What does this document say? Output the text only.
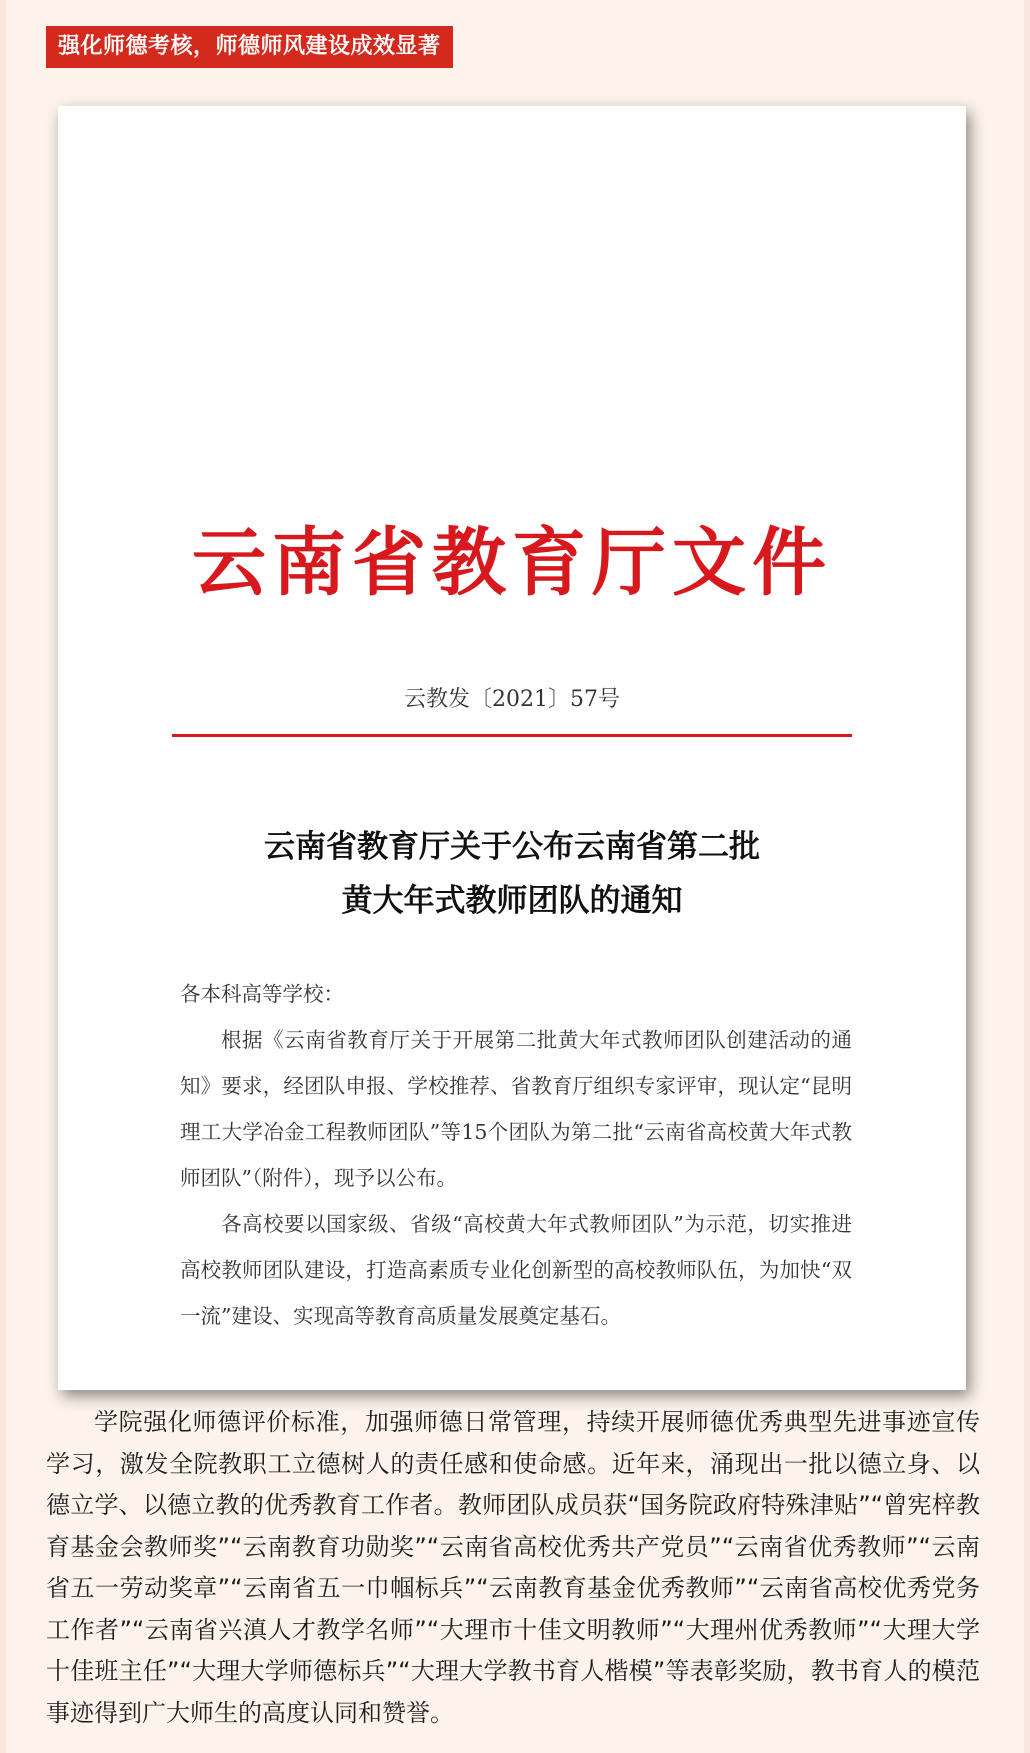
强化师德考核，师德师风建设成效显著
云南省教育厅文件
云教发〔2021〕57号
云南省教育厅关于公布云南省第二批
黄大年式教师团队的通知

各本科高等学校：

根据《云南省教育厅关于开展第二批黄大年式教师团队创建活动的通知》要求，经团队申报、学校推荐、省教育厅组织专家评审，现认定“昆明理工大学冶金工程教师团队”等15个团队为第二批“云南省高校黄大年式教师团队”（附件），现予以公布。

各高校要以国家级、省级“高校黄大年式教师团队”为示范，切实推进高校教师团队建设，打造高素质专业化创新型的高校教师队伍，为加快“双一流”建设、实现高等教育高质量发展奠定基石。

学院强化师德评价标准，加强师德日常管理，持续开展师德优秀典型先进事迹宣传学习，激发全院教职工立德树人的责任感和使命感。近年来，涌现出一批以德立身、以德立学、以德立教的优秀教育工作者。教师团队成员获“国务院政府特殊津贴”“曾宪梓教育基金会教师奖”“云南教育功勋奖”“云南省高校优秀共产党员”“云南省优秀教师”“云南省五一劳动奖章”“云南省五一巾帼标兵”“云南教育基金优秀教师”“云南省高校优秀党务工作者”“云南省兴滇人才教学名师”“大理市十佳文明教师”“大理州优秀教师”“大理大学十佳班主任”“大理大学师德标兵”“大理大学教书育人楷模”等表彰奖励，教书育人的模范事迹得到广大师生的高度认同和赞誉。
